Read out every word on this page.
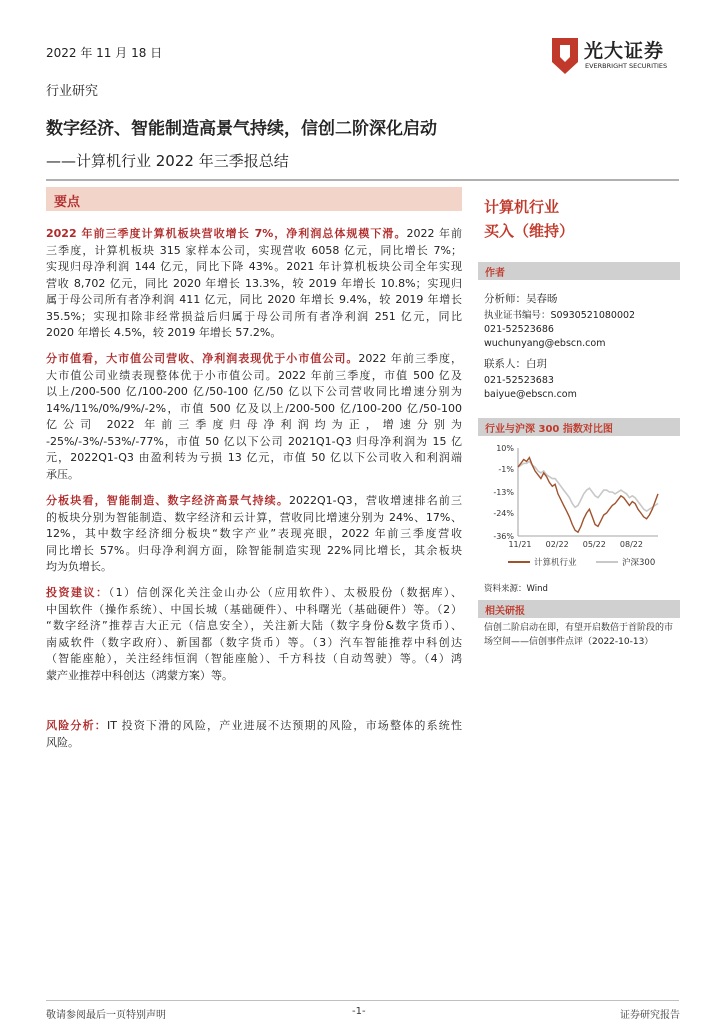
2022 年 11 月 18 日	光大证券
EVERBRIGHT SECURITIES
行业研究
数字经济、智能制造高景气持续，信创二阶深化启动
——计算机行业 2022 年三季报总结
要点
2022 年前三季度计算机板块营收增长 7%，净利润总体规模下滑。2022 年前
三季度，计算机板块 315 家样本公司，实现营收 6058 亿元，同比增长 7%；
实现归母净利润 144 亿元，同比下降 43%。2021 年计算机板块公司全年实现
营收 8,702 亿元，同比 2020 年增长 13.3%，较 2019 年增长 10.8%；实现归
属于母公司所有者净利润 411 亿元，同比 2020 年增长 9.4%，较 2019 年增长
35.5%；实现扣除非经常损益后归属于母公司所有者净利润 251 亿元，同比
2020 年增长 4.5%，较 2019 年增长 57.2%。
分市值看，大市值公司营收、净利润表现优于小市值公司。2022 年前三季度，
大市值公司业绩表现整体优于小市值公司。2022 年前三季度，市值 500 亿及
以上/200-500 亿/100-200 亿/50-100 亿/50 亿以下公司营收同比增速分别为
14%/11%/0%/9%/-2%，市值 500 亿及以上/200-500 亿/100-200 亿/50-100
亿公司 2022 年前三季度归母净利润均为正，增速分别为
-25%/-3%/-53%/-77%，市值 50 亿以下公司 2021Q1-Q3 归母净利润为 15 亿
元，2022Q1-Q3 由盈利转为亏损 13 亿元，市值 50 亿以下公司收入和利润端
承压。
分板块看，智能制造、数字经济高景气持续。2022Q1-Q3，营收增速排名前三
的板块分别为智能制造、数字经济和云计算，营收同比增速分别为 24%、17%、
12%，其中数字经济细分板块“数字产业”表现亮眼，2022 年前三季度营收
同比增长 57%。归母净利润方面，除智能制造实现 22%同比增长，其余板块
均为负增长。
投资建议：（1）信创深化关注金山办公（应用软件）、太极股份（数据库）、
中国软件（操作系统）、中国长城（基础硬件）、中科曙光（基础硬件）等。（2）
“数字经济”推荐吉大正元（信息安全），关注新大陆（数字身份&数字货币）、
南威软件（数字政府）、新国都（数字货币）等。（3）汽车智能推荐中科创达
（智能座舱），关注经纬恒润（智能座舱）、千方科技（自动驾驶）等。（4）鸿
蒙产业推荐中科创达（鸿蒙方案）等。
风险分析：IT 投资下滑的风险，产业进展不达预期的风险，市场整体的系统性
风险。
计算机行业
买入（维持）
作者
分析师：吴春旸
执业证书编号：S0930521080002
021-52523686
wuchunyang@ebscn.com
联系人：白玥
021-52523683
baiyue@ebscn.com
行业与沪深 300 指数对比图
10%
-1%
-13%
-24%
-36%
11/21 02/22 05/22 08/22
计算机行业	沪深300
资料来源：Wind
相关研报
信创二阶启动在即，有望开启数倍于首阶段的市
场空间——信创事件点评（2022-10-13）
敬请参阅最后一页特别声明	-1-	证券研究报告
